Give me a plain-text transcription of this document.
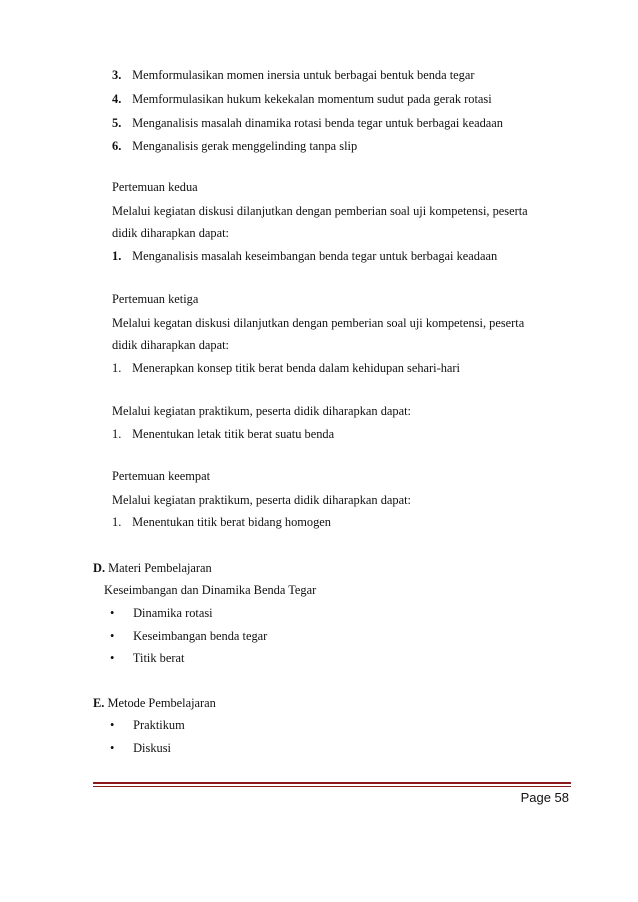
3. Memformulasikan momen inersia untuk berbagai bentuk benda tegar
4. Memformulasikan hukum kekekalan momentum sudut pada gerak rotasi
5. Menganalisis masalah dinamika rotasi benda tegar untuk berbagai keadaan
6. Menganalisis gerak menggelinding tanpa slip
Pertemuan kedua
Melalui kegiatan diskusi dilanjutkan dengan pemberian soal uji kompetensi, peserta
didik diharapkan dapat:
1. Menganalisis masalah keseimbangan benda tegar untuk berbagai keadaan
Pertemuan ketiga
Melalui kegatan diskusi dilanjutkan dengan pemberian soal uji kompetensi, peserta
didik diharapkan dapat:
1. Menerapkan konsep titik berat benda dalam kehidupan sehari-hari
Melalui kegiatan praktikum, peserta didik diharapkan dapat:
1. Menentukan letak titik berat suatu benda
Pertemuan keempat
Melalui kegiatan praktikum, peserta didik diharapkan dapat:
1. Menentukan titik berat bidang homogen
D. Materi Pembelajaran
Keseimbangan dan Dinamika Benda Tegar
• Dinamika rotasi
• Keseimbangan benda tegar
• Titik berat
E. Metode Pembelajaran
• Praktikum
• Diskusi
Page 58
